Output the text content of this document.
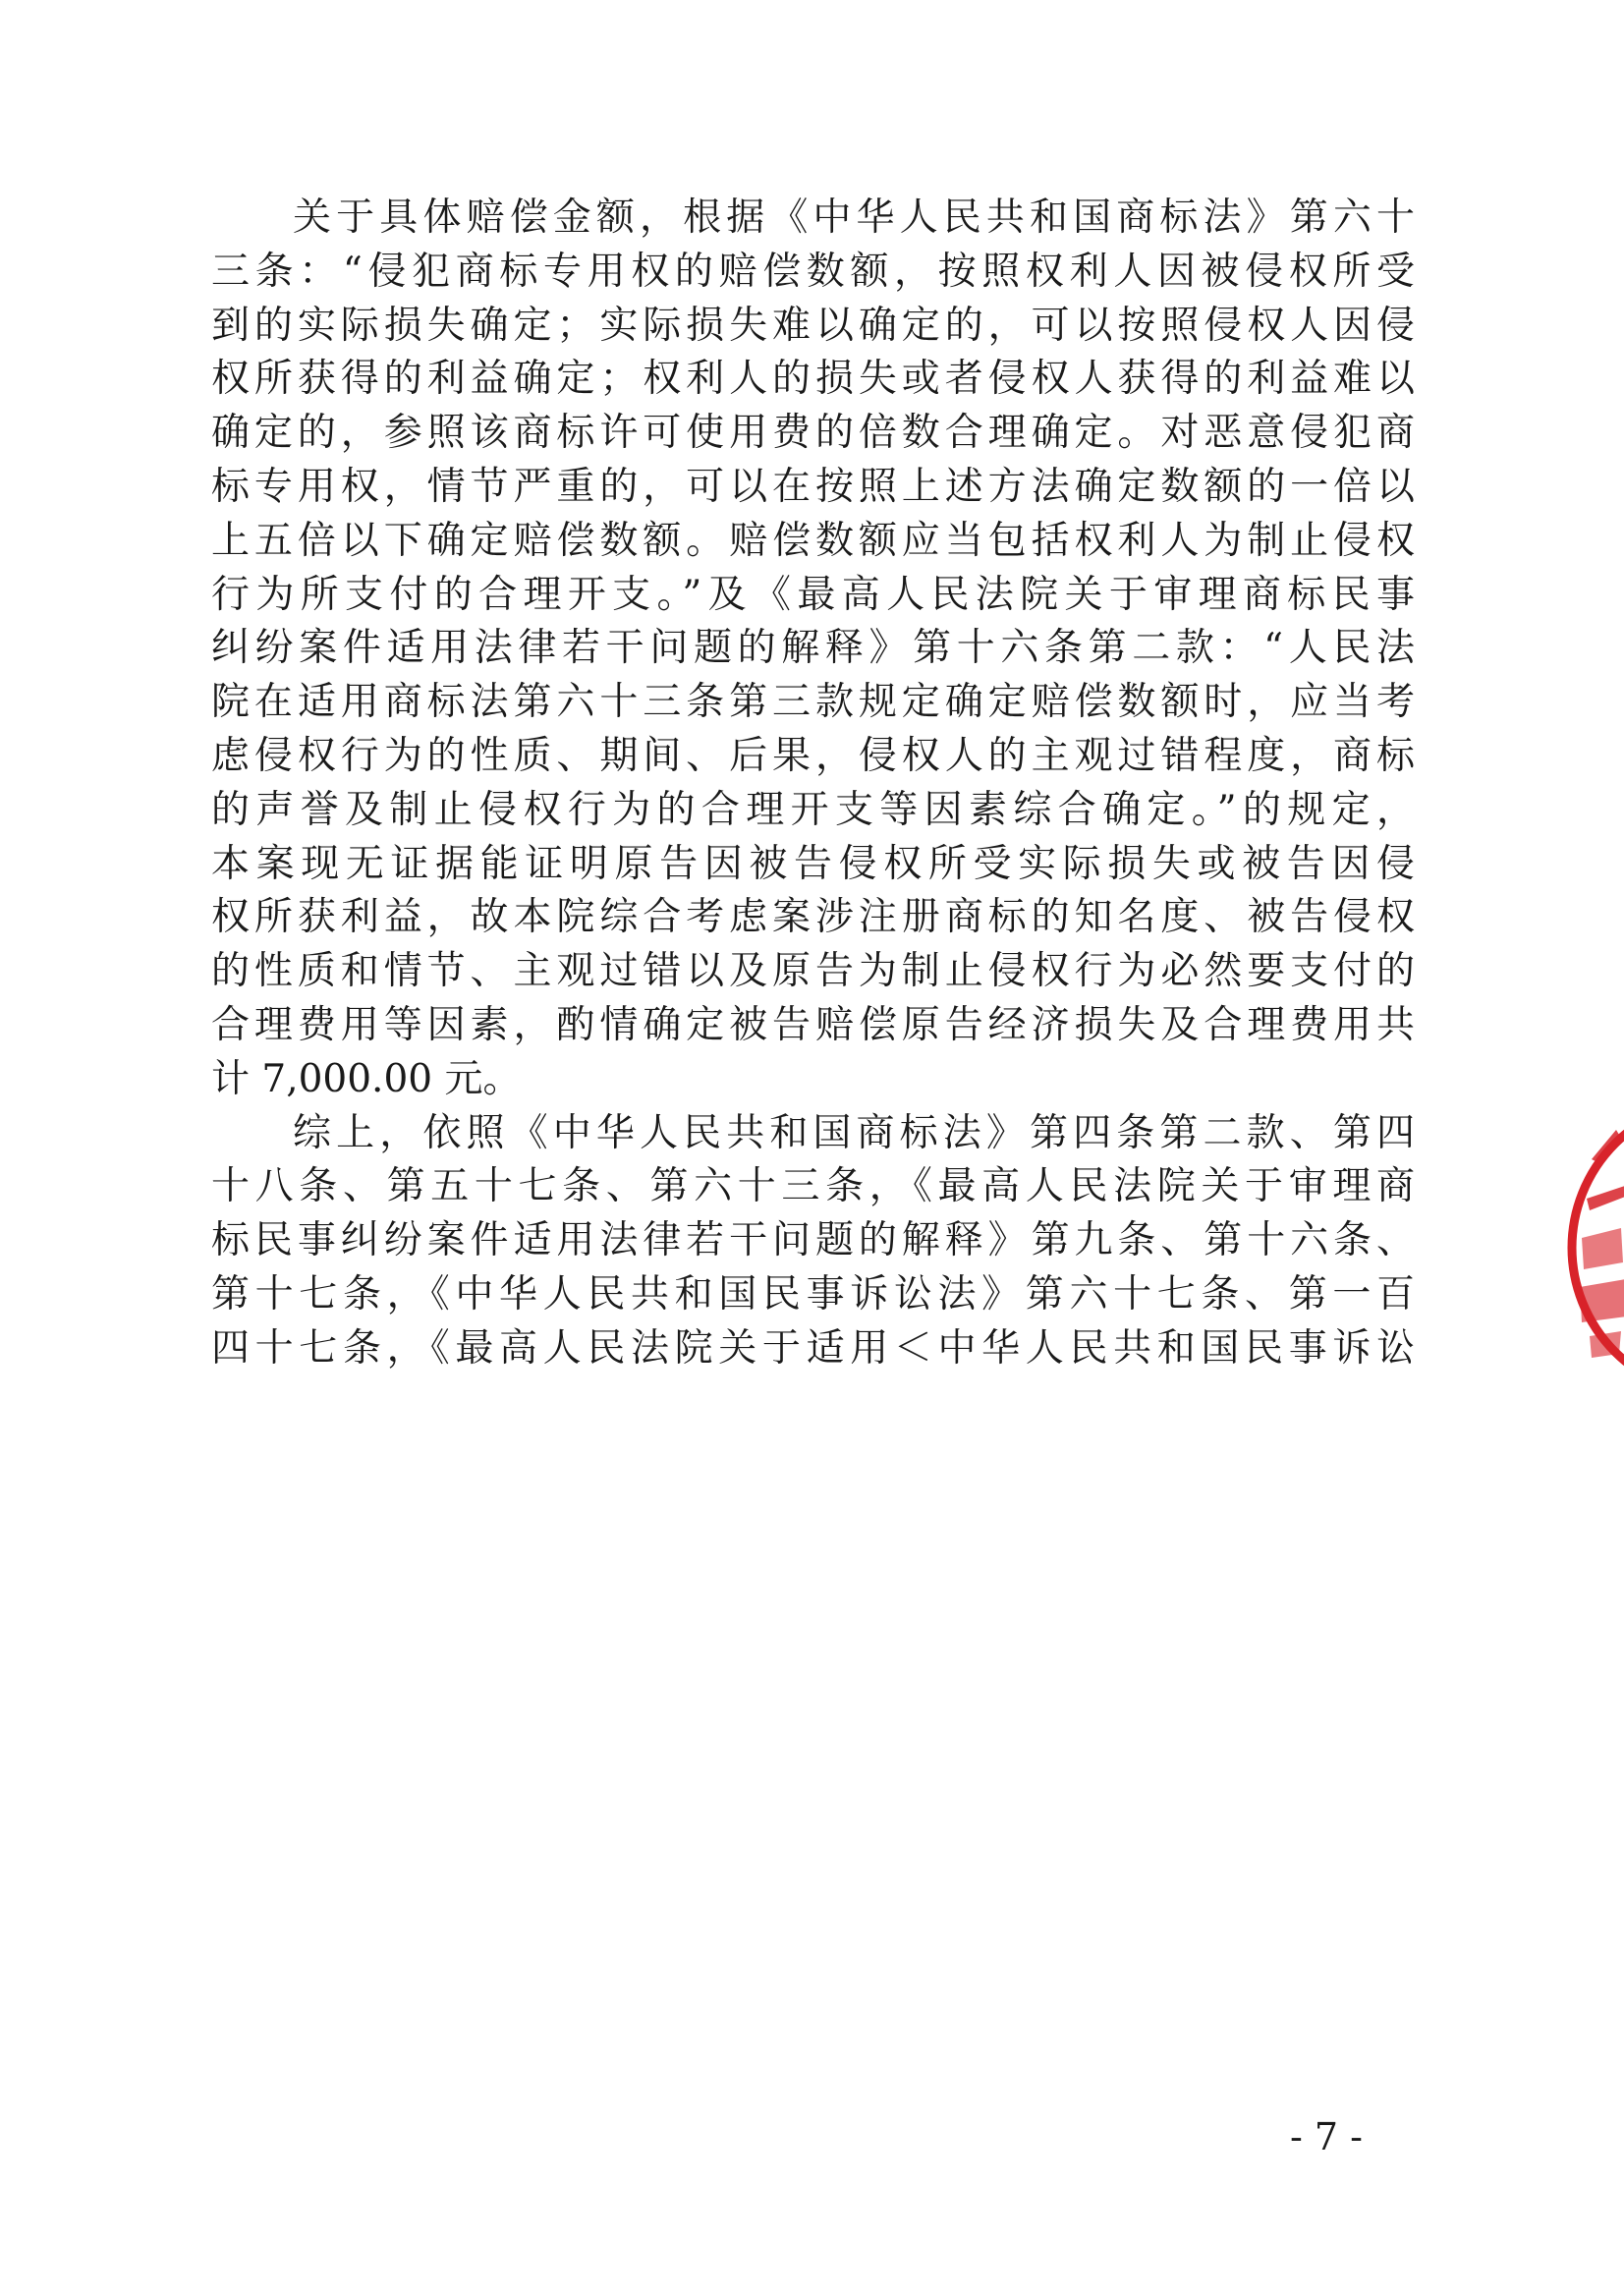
关于具体赔偿金额，根据《中华人民共和国商标法》第六十
三条：“侵犯商标专用权的赔偿数额，按照权利人因被侵权所受
到的实际损失确定；实际损失难以确定的，可以按照侵权人因侵
权所获得的利益确定；权利人的损失或者侵权人获得的利益难以
确定的，参照该商标许可使用费的倍数合理确定。对恶意侵犯商
标专用权，情节严重的，可以在按照上述方法确定数额的一倍以
上五倍以下确定赔偿数额。赔偿数额应当包括权利人为制止侵权
行为所支付的合理开支。”及《最高人民法院关于审理商标民事
纠纷案件适用法律若干问题的解释》第十六条第二款：“人民法
院在适用商标法第六十三条第三款规定确定赔偿数额时，应当考
虑侵权行为的性质、期间、后果，侵权人的主观过错程度，商标
的声誉及制止侵权行为的合理开支等因素综合确定。”的规定，
本案现无证据能证明原告因被告侵权所受实际损失或被告因侵
权所获利益，故本院综合考虑案涉注册商标的知名度、被告侵权
的性质和情节、主观过错以及原告为制止侵权行为必然要支付的
合理费用等因素，酌情确定被告赔偿原告经济损失及合理费用共
计 7,000.00 元。
综上，依照《中华人民共和国商标法》第四条第二款、第四
十八条、第五十七条、第六十三条，《最高人民法院关于审理商
标民事纠纷案件适用法律若干问题的解释》第九条、第十六条、
第十七条，《中华人民共和国民事诉讼法》第六十七条、第一百
四十七条，《最高人民法院关于适用＜中华人民共和国民事诉讼
- 7 -
